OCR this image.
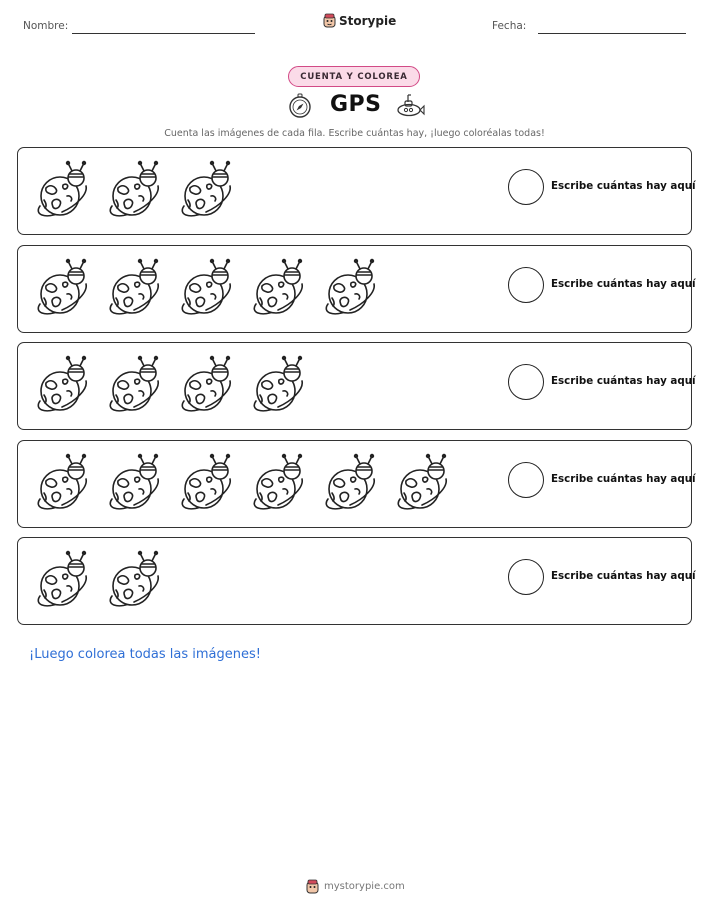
Nombre:	Storypie	Fecha:
CUENTA Y COLOREA
GPS
Cuenta las imágenes de cada fila. Escribe cuántas hay, ¡luego coloréalas todas!
Escribe cuántas hay aquí
Escribe cuántas hay aquí
Escribe cuántas hay aquí
Escribe cuántas hay aquí
Escribe cuántas hay aquí
¡Luego colorea todas las imágenes!
mystorypie.com
